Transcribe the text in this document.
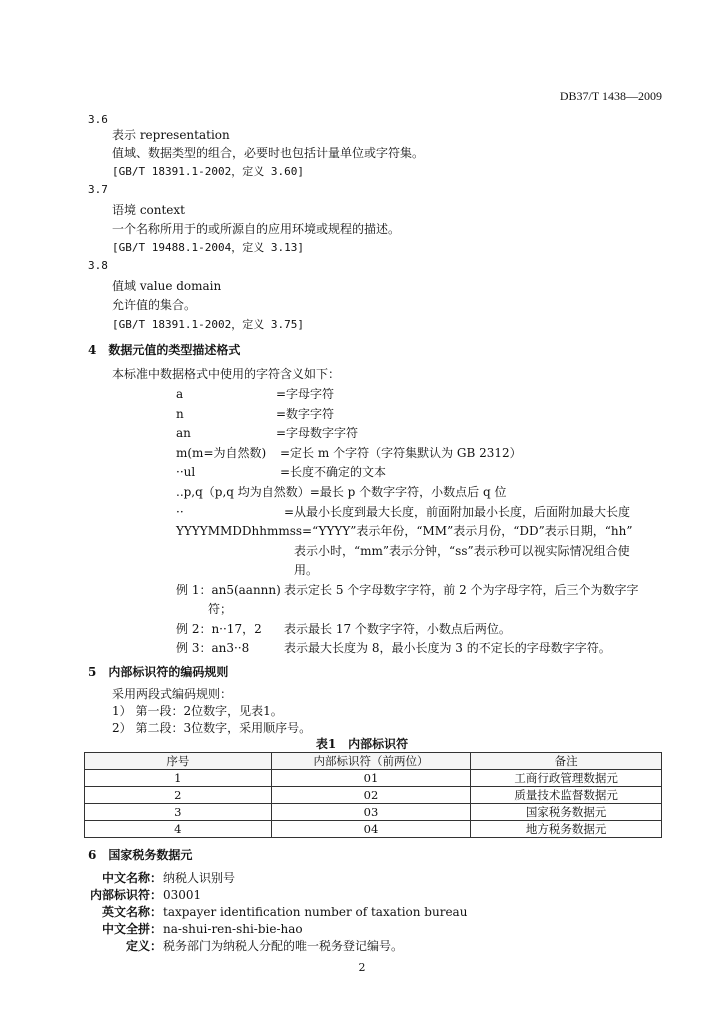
DB37/T 1438—2009
3.6
表示 representation
值域、数据类型的组合，必要时也包括计量单位或字符集。
[GB/T 18391.1-2002，定义 3.60]
3.7
语境 context
一个名称所用于的或所源自的应用环境或规程的描述。
[GB/T 19488.1-2004，定义 3.13]
3.8
值域 value domain
允许值的集合。
[GB/T 18391.1-2002，定义 3.75]
4　数据元值的类型描述格式
本标准中数据格式中使用的字符含义如下：
a	=字母字符
n	=数字字符
an	=字母数字字符
m(m=为自然数) =定长 m 个字符（字符集默认为 GB 2312）
··ul	=长度不确定的文本
..p,q（p,q 均为自然数）=最长 p 个数字字符，小数点后 q 位
··	=从最小长度到最大长度，前面附加最小长度，后面附加最大长度
YYYYMMDDhhmmss=“YYYY”表示年份，“MM”表示月份，“DD”表示日期，“hh”
表示小时，“mm”表示分钟，“ss”表示秒可以视实际情况组合使
用。
例 1：an5(aannn) 表示定长 5 个字母数字字符，前 2 个为字母字符，后三个为数字字
符；
例 2：n··17，2 表示最长 17 个数字字符，小数点后两位。
例 3：an3··8	表示最大长度为 8，最小长度为 3 的不定长的字母数字字符。
5　内部标识符的编码规则
采用两段式编码规则：
1） 第一段：2位数字，见表1。
2） 第二段：3位数字，采用顺序号。
表1　内部标识符
序号	内部标识符（前两位）	备注
1	01	工商行政管理数据元
2	02	质量技术监督数据元
3	03	国家税务数据元
4	04	地方税务数据元
6　国家税务数据元
中文名称： 纳税人识别号
内部标识符： 03001
英文名称： taxpayer identification number of taxation bureau
中文全拼： na-shui-ren-shi-bie-hao
定义： 税务部门为纳税人分配的唯一税务登记编号。
2
